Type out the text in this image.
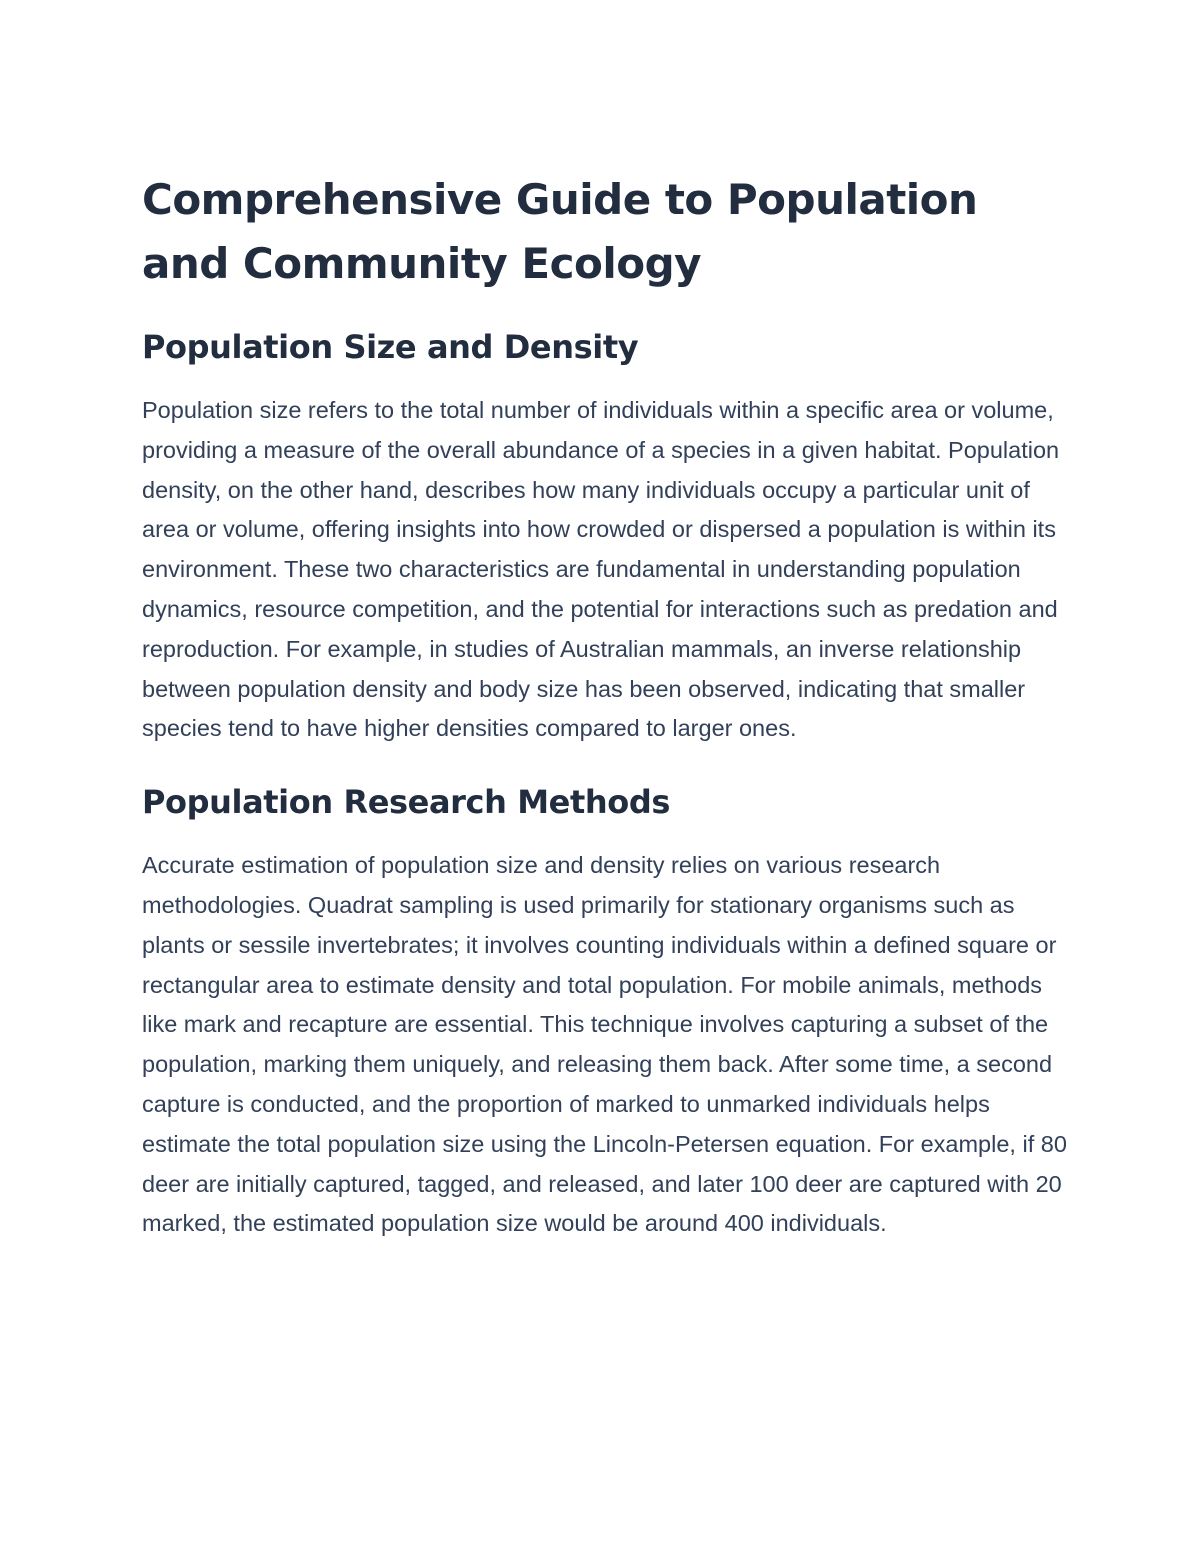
Comprehensive Guide to Population and Community Ecology
Population Size and Density

Population size refers to the total number of individuals within a specific area or volume, providing a measure of the overall abundance of a species in a given habitat. Population density, on the other hand, describes how many individuals occupy a particular unit of area or volume, offering insights into how crowded or dispersed a population is within its environment. These two characteristics are fundamental in understanding population dynamics, resource competition, and the potential for interactions such as predation and reproduction. For example, in studies of Australian mammals, an inverse relationship between population density and body size has been observed, indicating that smaller species tend to have higher densities compared to larger ones.

Population Research Methods

Accurate estimation of population size and density relies on various research methodologies. Quadrat sampling is used primarily for stationary organisms such as plants or sessile invertebrates; it involves counting individuals within a defined square or rectangular area to estimate density and total population. For mobile animals, methods like mark and recapture are essential. This technique involves capturing a subset of the population, marking them uniquely, and releasing them back. After some time, a second capture is conducted, and the proportion of marked to unmarked individuals helps estimate the total population size using the Lincoln-Petersen equation. For example, if 80 deer are initially captured, tagged, and released, and later 100 deer are captured with 20 marked, the estimated population size would be around 400 individuals.
